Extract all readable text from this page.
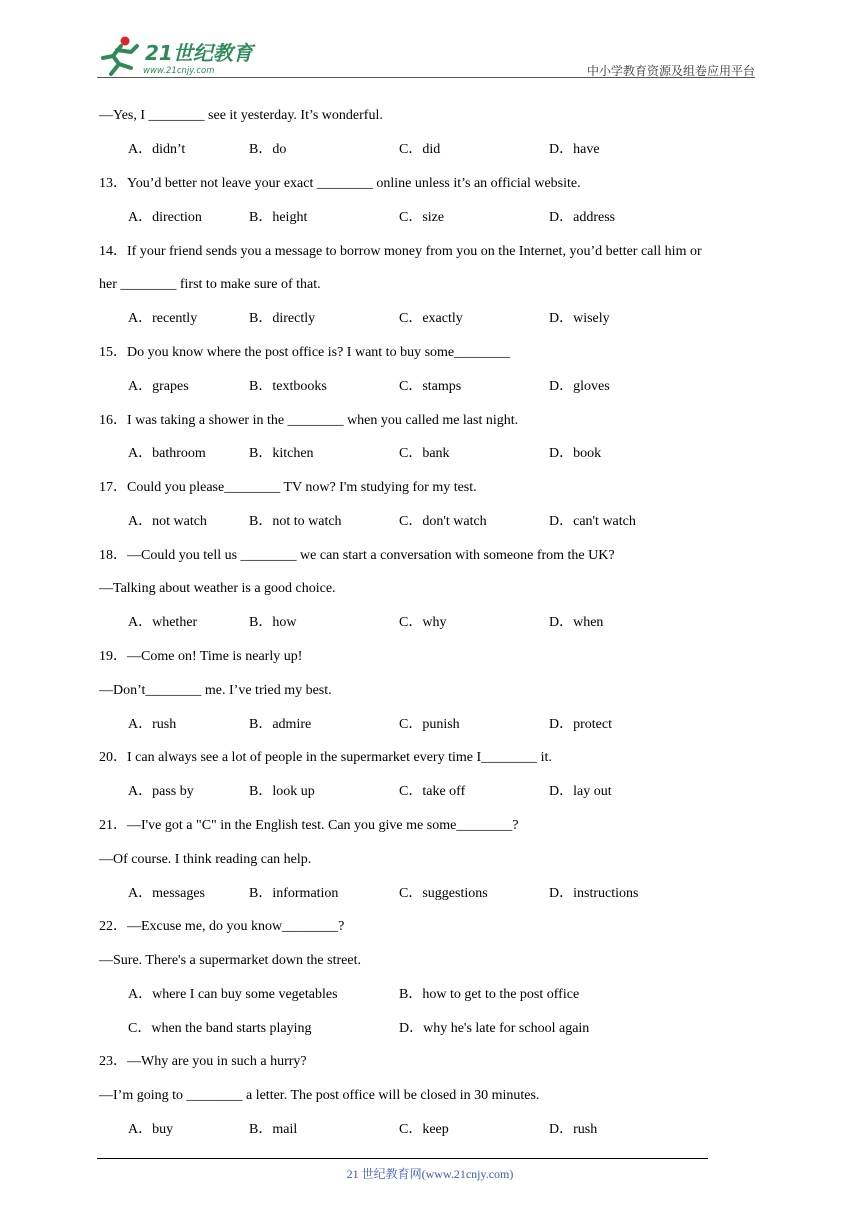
21世纪教育
www.21cnjy.com	中小学教育资源及组卷应用平台
—Yes, I ________ see it yesterday. It’s wonderful.
A．didn’t	B．do	C．did	D．have
13．You’d better not leave your exact ________ online unless it’s an official website.
A．direction	B．height	C．size	D．address
14．If your friend sends you a message to borrow money from you on the Internet, you’d better call him or
her ________ first to make sure of that.
A．recently	B．directly	C．exactly	D．wisely
15．Do you know where the post office is? I want to buy some________
A．grapes	B．textbooks	C．stamps	D．gloves
16．I was taking a shower in the ________ when you called me last night.
A．bathroom	B．kitchen	C．bank	D．book
17．Could you please________ TV now? I'm studying for my test.
A．not watch	B．not to watch	C．don't watch	D．can't watch
18．—Could you tell us ________ we can start a conversation with someone from the UK?
—Talking about weather is a good choice.
A．whether	B．how	C．why	D．when
19．—Come on! Time is nearly up!
—Don’t________ me. I’ve tried my best.
A．rush	B．admire	C．punish	D．protect
20．I can always see a lot of people in the supermarket every time I________ it.
A．pass by	B．look up	C．take off	D．lay out
21．—I've got a "C" in the English test. Can you give me some________?
—Of course. I think reading can help.
A．messages	B．information	C．suggestions	D．instructions
22．—Excuse me, do you know________?
—Sure. There's a supermarket down the street.
A．where I can buy some vegetables	B．how to get to the post office
C．when the band starts playing	D．why he's late for school again
23．—Why are you in such a hurry?
—I’m going to ________ a letter. The post office will be closed in 30 minutes.
A．buy	B．mail	C．keep	D．rush
21 世纪教育网(www.21cnjy.com)
